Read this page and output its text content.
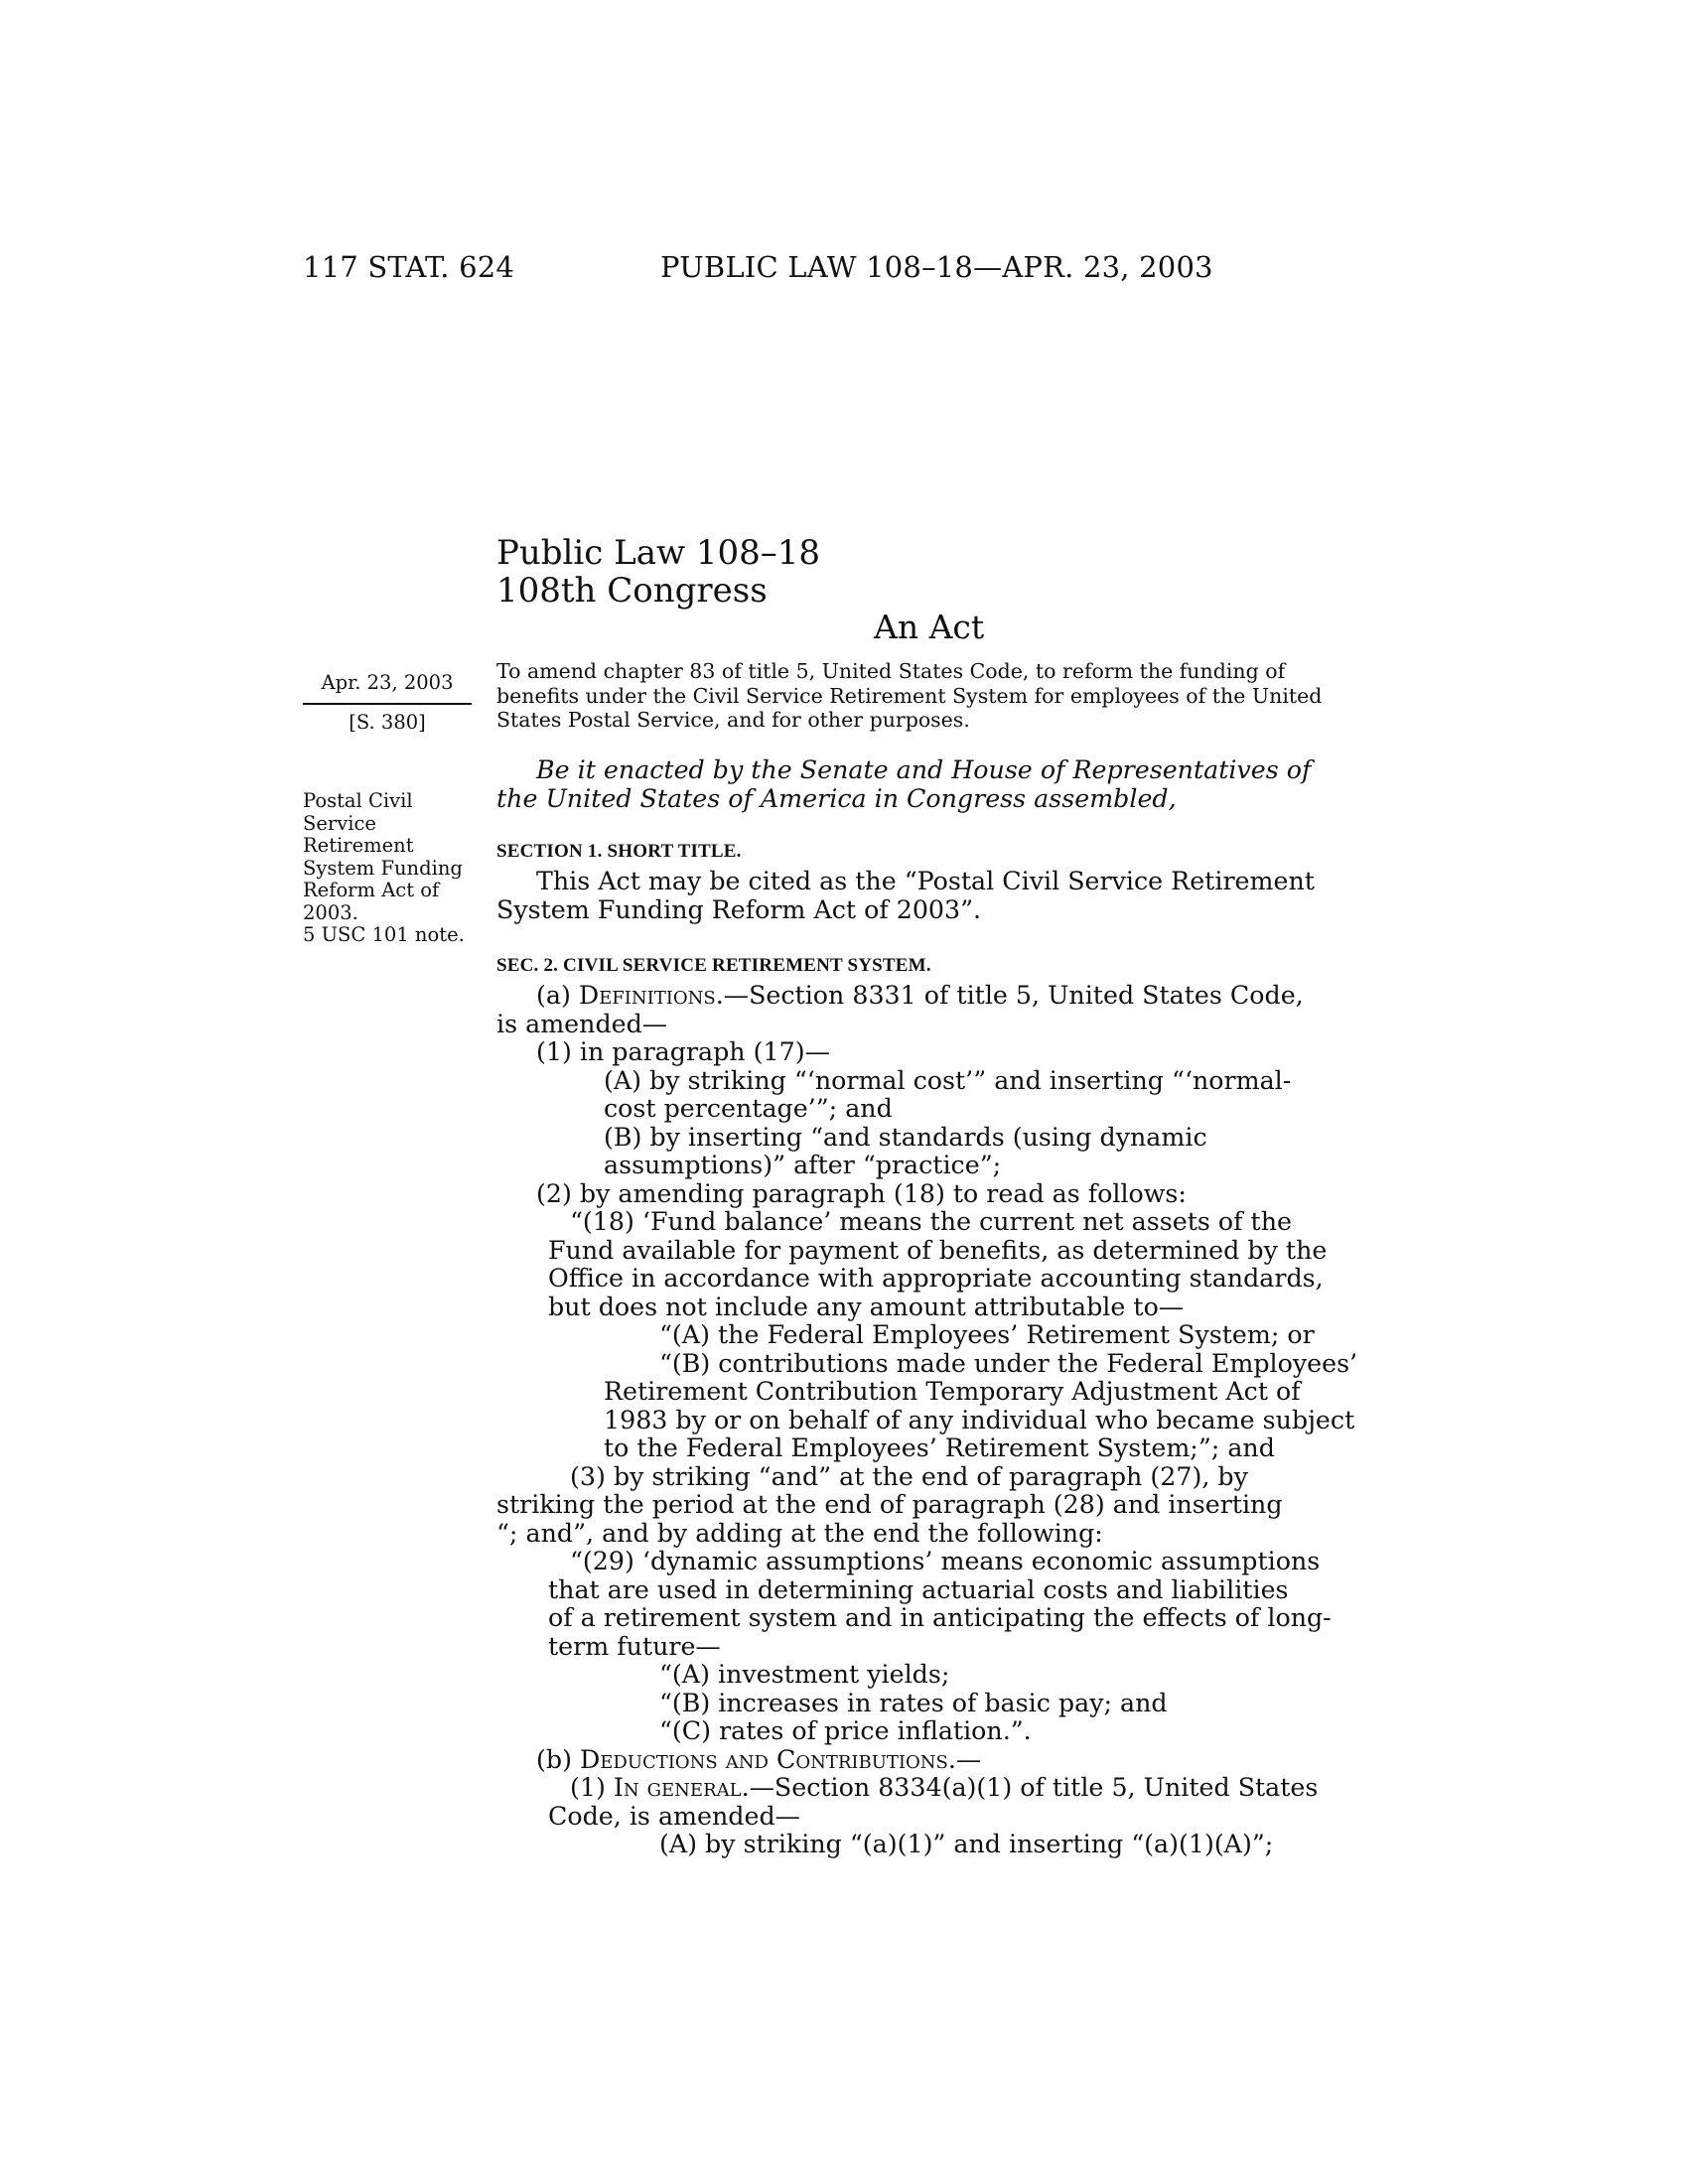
117 STAT. 624	PUBLIC LAW 108–18—APR. 23, 2003
Public Law 108–18
108th Congress
An Act
Apr. 23, 2003
[S. 380]
Postal Civil
Service
Retirement
System Funding
Reform Act of
2003.
5 USC 101 note.
To amend chapter 83 of title 5, United States Code, to reform the funding of
benefits under the Civil Service Retirement System for employees of the United
States Postal Service, and for other purposes.
Be it enacted by the Senate and House of Representatives of
the United States of America in Congress assembled,
SECTION 1. SHORT TITLE.
This Act may be cited as the “Postal Civil Service Retirement
System Funding Reform Act of 2003”.
SEC. 2. CIVIL SERVICE RETIREMENT SYSTEM.
(a) Definitions.—Section 8331 of title 5, United States Code,
is amended—
(1) in paragraph (17)—
(A) by striking “‘normal cost’” and inserting “‘normal-
cost percentage’”; and
(B) by inserting “and standards (using dynamic
assumptions)” after “practice”;
(2) by amending paragraph (18) to read as follows:
“(18) ‘Fund balance’ means the current net assets of the
Fund available for payment of benefits, as determined by the
Office in accordance with appropriate accounting standards,
but does not include any amount attributable to—
“(A) the Federal Employees’ Retirement System; or
“(B) contributions made under the Federal Employees’
Retirement Contribution Temporary Adjustment Act of
1983 by or on behalf of any individual who became subject
to the Federal Employees’ Retirement System;”; and
(3) by striking “and” at the end of paragraph (27), by
striking the period at the end of paragraph (28) and inserting
“; and”, and by adding at the end the following:
“(29) ‘dynamic assumptions’ means economic assumptions
that are used in determining actuarial costs and liabilities
of a retirement system and in anticipating the effects of long-
term future—
“(A) investment yields;
“(B) increases in rates of basic pay; and
“(C) rates of price inflation.”.
(b) Deductions and Contributions.—
(1) In general.—Section 8334(a)(1) of title 5, United States
Code, is amended—
(A) by striking “(a)(1)” and inserting “(a)(1)(A)”;
